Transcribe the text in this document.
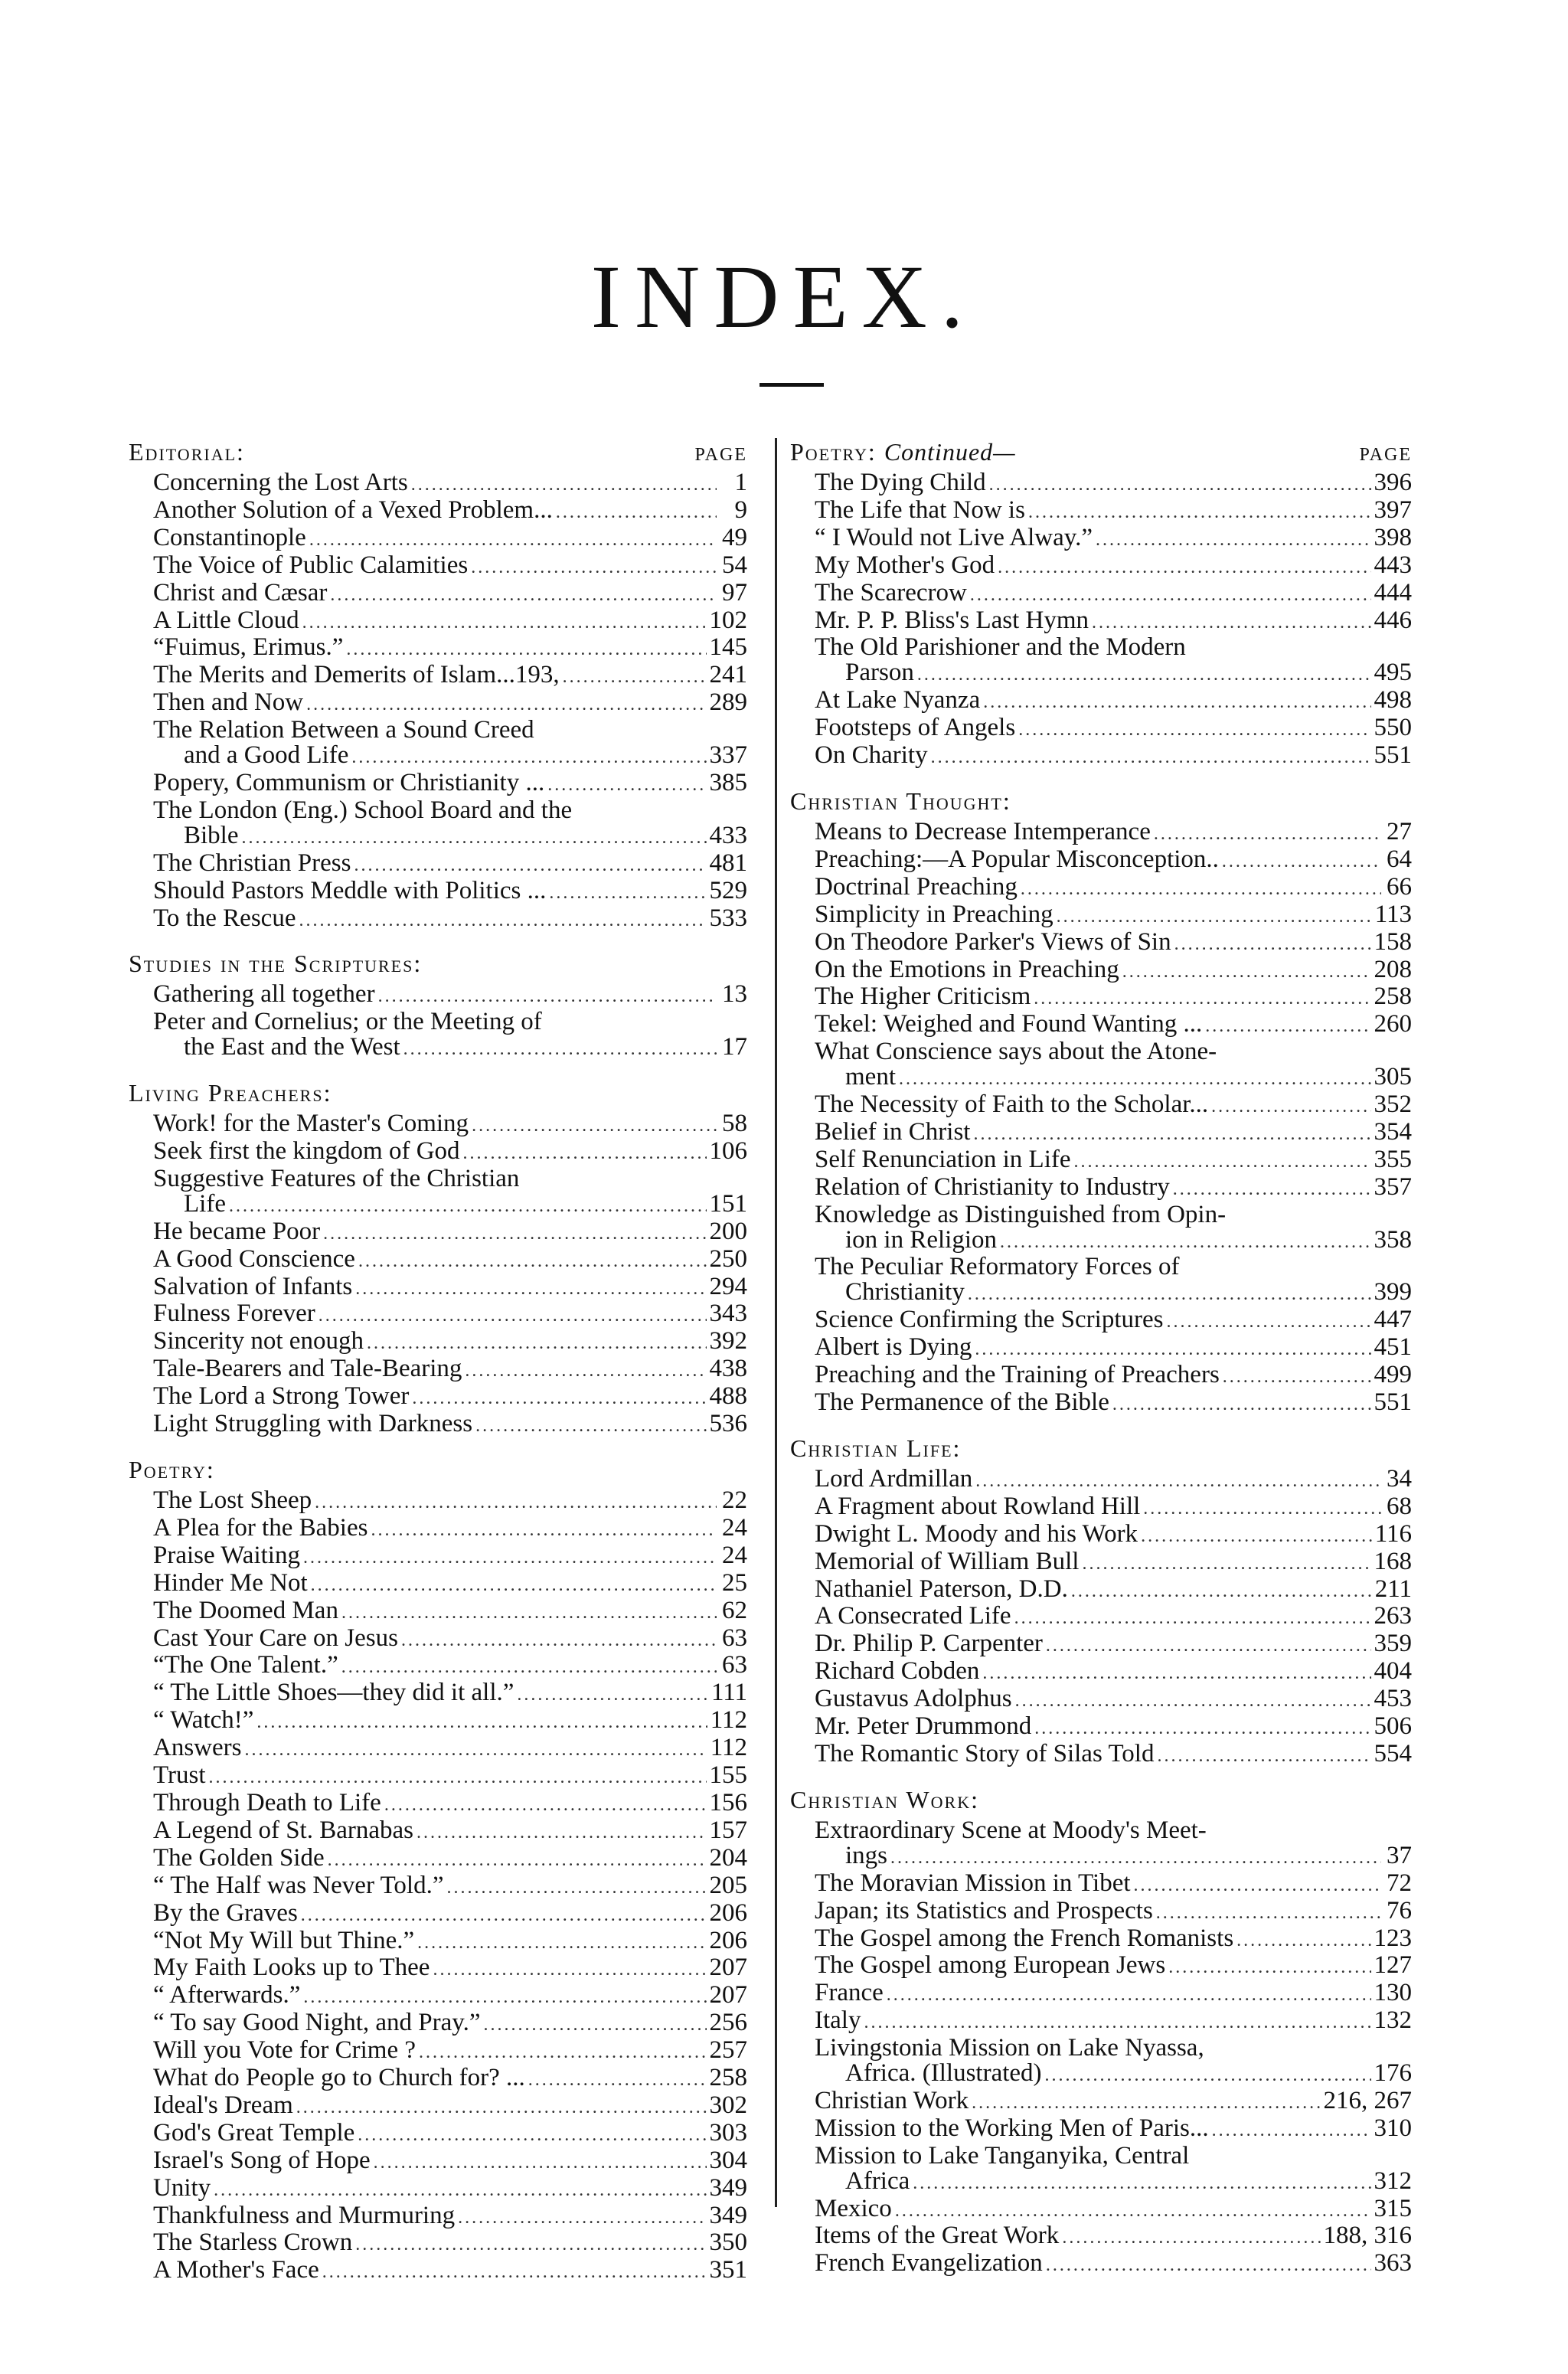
INDEX.
Editorial:	PAGE
Concerning the Lost Arts .....	1
Another Solution of a Vexed Problem... .....	9
Constantinople .....	49
The Voice of Public Calamities .....	54
Christ and Cæsar .....	97
A Little Cloud .....	102
“Fuimus, Erimus.” .....	145
The Merits and Demerits of Islam...193, .....	241
Then and Now .....	289
The Relation Between a Sound Creed
and a Good Life .....	337
Popery, Communism or Christianity ... .....	385
The London (Eng.) School Board and the
Bible .....	433
The Christian Press .....	481
Should Pastors Meddle with Politics ... .....	529
To the Rescue .....	533
Studies in the Scriptures:
Gathering all together .....	13
Peter and Cornelius; or the Meeting of
the East and the West .....	17
Living Preachers:
Work! for the Master's Coming .....	58
Seek first the kingdom of God .....	106
Suggestive Features of the Christian
Life .....	151
He became Poor .....	200
A Good Conscience .....	250
Salvation of Infants .....	294
Fulness Forever .....	343
Sincerity not enough .....	392
Tale-Bearers and Tale-Bearing .....	438
The Lord a Strong Tower .....	488
Light Struggling with Darkness .....	536
Poetry:
The Lost Sheep .....	22
A Plea for the Babies .....	24
Praise Waiting .....	24
Hinder Me Not .....	25
The Doomed Man .....	62
Cast Your Care on Jesus .....	63
“The One Talent.” .....	63
“ The Little Shoes—they did it all.” .....	111
“ Watch!” .....	112
Answers .....	112
Trust .....	155
Through Death to Life .....	156
A Legend of St. Barnabas .....	157
The Golden Side .....	204
“ The Half was Never Told.” .....	205
By the Graves .....	206
“Not My Will but Thine.” .....	206
My Faith Looks up to Thee .....	207
“ Afterwards.” .....	207
“ To say Good Night, and Pray.” .....	256
Will you Vote for Crime ? .....	257
What do People go to Church for? ... .....	258
Ideal's Dream .....	302
God's Great Temple .....	303
Israel's Song of Hope .....	304
Unity .....	349
Thankfulness and Murmuring .....	349
The Starless Crown .....	350
A Mother's Face .....	351
Poetry: Continued—	PAGE
The Dying Child .....	396
The Life that Now is .....	397
“ I Would not Live Alway.” .....	398
My Mother's God .....	443
The Scarecrow .....	444
Mr. P. P. Bliss's Last Hymn .....	446
The Old Parishioner and the Modern
Parson .....	495
At Lake Nyanza .....	498
Footsteps of Angels .....	550
On Charity .....	551
Christian Thought:
Means to Decrease Intemperance .....	27
Preaching:—A Popular Misconception.. .....	64
Doctrinal Preaching .....	66
Simplicity in Preaching .....	113
On Theodore Parker's Views of Sin .....	158
On the Emotions in Preaching .....	208
The Higher Criticism .....	258
Tekel: Weighed and Found Wanting ... .....	260
What Conscience says about the Atone-
ment .....	305
The Necessity of Faith to the Scholar... .....	352
Belief in Christ .....	354
Self Renunciation in Life .....	355
Relation of Christianity to Industry .....	357
Knowledge as Distinguished from Opin-
ion in Religion .....	358
The Peculiar Reformatory Forces of
Christianity .....	399
Science Confirming the Scriptures .....	447
Albert is Dying .....	451
Preaching and the Training of Preachers .....	499
The Permanence of the Bible .....	551
Christian Life:
Lord Ardmillan .....	34
A Fragment about Rowland Hill .....	68
Dwight L. Moody and his Work .....	116
Memorial of William Bull .....	168
Nathaniel Paterson, D.D. .....	211
A Consecrated Life .....	263
Dr. Philip P. Carpenter .....	359
Richard Cobden .....	404
Gustavus Adolphus .....	453
Mr. Peter Drummond .....	506
The Romantic Story of Silas Told .....	554
Christian Work:
Extraordinary Scene at Moody's Meet-
ings .....	37
The Moravian Mission in Tibet .....	72
Japan; its Statistics and Prospects .....	76
The Gospel among the French Romanists .....	123
The Gospel among European Jews .....	127
France .....	130
Italy .....	132
Livingstonia Mission on Lake Nyassa,
Africa. (Illustrated) .....	176
Christian Work .....	216, 267
Mission to the Working Men of Paris... .....	310
Mission to Lake Tanganyika, Central
Africa .....	312
Mexico .....	315
Items of the Great Work .....	188, 316
French Evangelization .....	363
